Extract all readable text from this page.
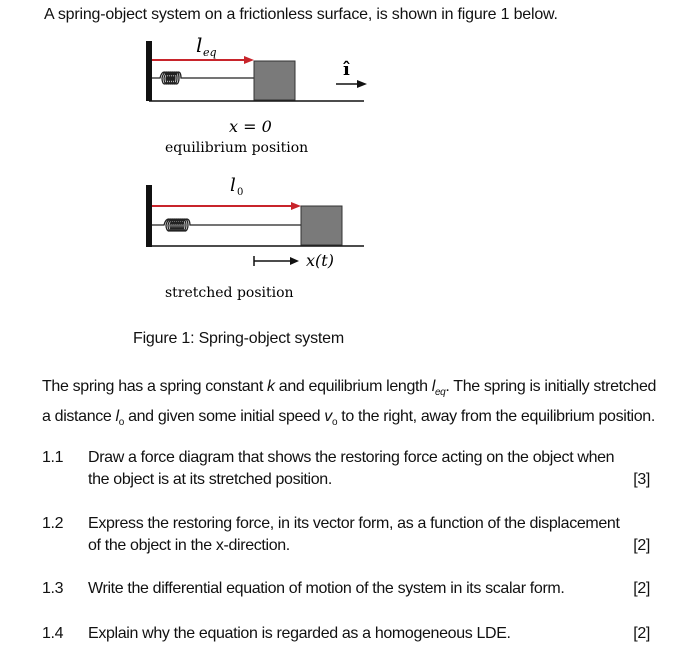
A spring-object system on a frictionless surface, is shown in figure 1 below.
î
l eq
x = 0
equilibrium position
x(t)
l 0
stretched position
Figure 1: Spring-object system
The spring has a spring constant k and equilibrium length $l_{eq}$. The spring is initially stretched a distance $l_o$ and given some initial speed $v_o$ to the right, away from the equilibrium position.
1.1 Draw a force diagram that shows the restoring force acting on the object when the object is at its stretched position.	[3]
1.2 Express the restoring force, in its vector form, as a function of the displacement of the object in the x-direction.	[2]
1.3 Write the differential equation of motion of the system in its scalar form.	[2]
1.4 Explain why the equation is regarded as a homogeneous LDE.	[2]
